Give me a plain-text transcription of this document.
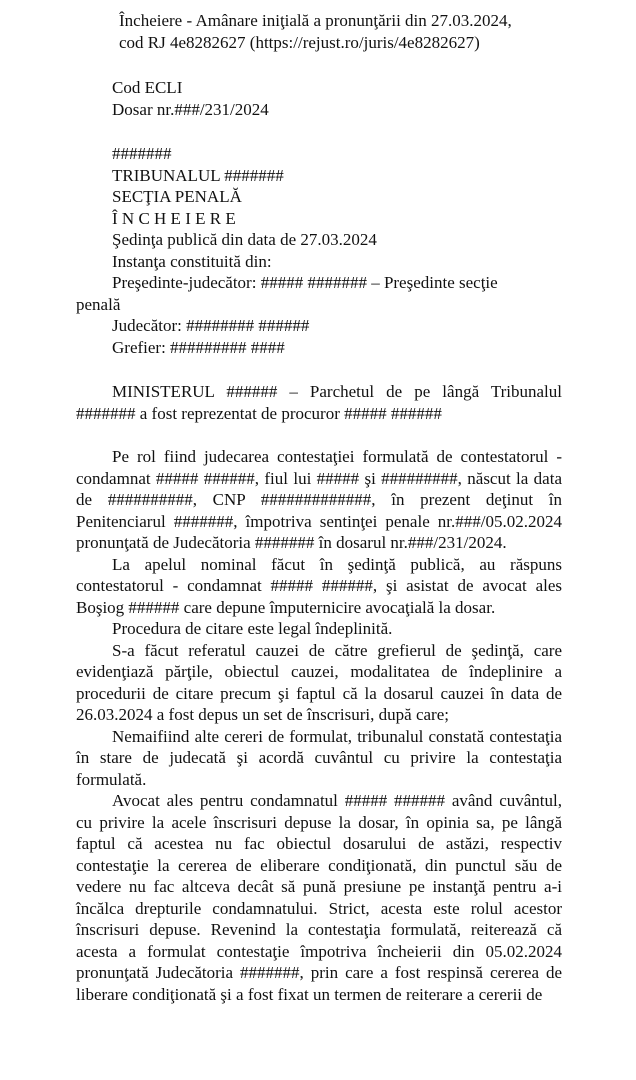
Încheiere - Amânare iniţială a pronunţării din 27.03.2024,
cod RJ 4e8282627 (https://rejust.ro/juris/4e8282627)
Cod ECLI
Dosar nr.###/231/2024
#######
TRIBUNALUL #######
SECŢIA PENALĂ
Î N C H E I E R E
Şedinţa publică din data de 27.03.2024
Instanţa constituită din:
Preşedinte-judecător: ##### ####### – Preşedinte secţie
penală
Judecător: ######## ######
Grefier: ######### ####

MINISTERUL ###### – Parchetul de pe lângă Tribunalul ####### a fost reprezentat de procuror ##### ######

Pe rol fiind judecarea contestaţiei formulată de contestatorul - condamnat ##### ######, fiul lui ##### şi #########, născut la data de ##########, CNP #############, în prezent deţinut în Penitenciarul #######, împotriva sentinţei penale nr.###/05.02.2024 pronunţată de Judecătoria ####### în dosarul nr.###/231/2024.

La apelul nominal făcut în şedinţă publică, au răspuns contestatorul - condamnat ##### ######, şi asistat de avocat ales Boşiog ###### care depune împuternicire avocaţială la dosar.

Procedura de citare este legal îndeplinită.

S-a făcut referatul cauzei de către grefierul de şedinţă, care evidenţiază părţile, obiectul cauzei, modalitatea de îndeplinire a procedurii de citare precum şi faptul că la dosarul cauzei în data de 26.03.2024 a fost depus un set de înscrisuri, după care;

Nemaifiind alte cereri de formulat, tribunalul constată contestaţia în stare de judecată şi acordă cuvântul cu privire la contestaţia formulată.

Avocat ales pentru condamnatul ##### ###### având cuvântul, cu privire la acele înscrisuri depuse la dosar, în opinia sa, pe lângă faptul că acestea nu fac obiectul dosarului de astăzi, respectiv contestaţie la cererea de eliberare condiţionată, din punctul său de vedere nu fac altceva decât să pună presiune pe instanţă pentru a-i încălca drepturile condamnatului. Strict, acesta este rolul acestor înscrisuri depuse. Revenind la contestaţia formulată, reiterează că acesta a formulat contestaţie împotriva încheierii din 05.02.2024 pronunţată Judecătoria #######, prin care a fost respinsă cererea de liberare condiţionată şi a fost fixat un termen de reiterare a cererii de
